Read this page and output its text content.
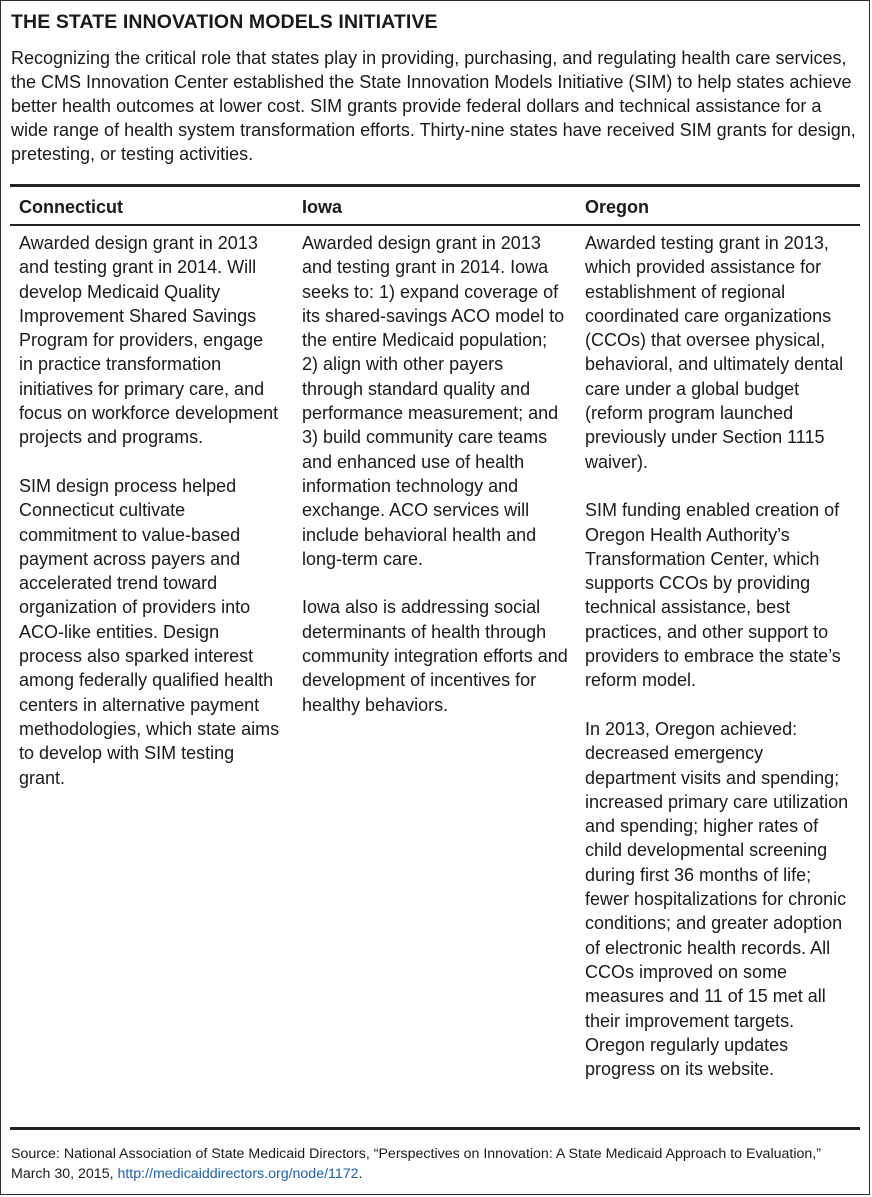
THE STATE INNOVATION MODELS INITIATIVE
Recognizing the critical role that states play in providing, purchasing, and regulating health care services, the CMS Innovation Center established the State Innovation Models Initiative (SIM) to help states achieve better health outcomes at lower cost. SIM grants provide federal dollars and technical assistance for a wide range of health system transformation efforts. Thirty-nine states have received SIM grants for design, pretesting, or testing activities.
Connecticut	Iowa	Oregon

Awarded design grant in 2013 and testing grant in 2014. Will develop Medicaid Quality Improvement Shared Savings Program for providers, engage in practice transformation initiatives for primary care, and focus on workforce development projects and programs.

SIM design process helped Connecticut cultivate commitment to value-based payment across payers and accelerated trend toward organization of providers into ACO-like entities. Design process also sparked interest among federally qualified health centers in alternative payment methodologies, which state aims to develop with SIM testing grant.

Awarded design grant in 2013 and testing grant in 2014. Iowa seeks to: 1) expand coverage of its shared-savings ACO model to the entire Medicaid population; 2) align with other payers through standard quality and performance measurement; and 3) build community care teams and enhanced use of health information technology and exchange. ACO services will include behavioral health and long-term care.

Iowa also is addressing social determinants of health through community integration efforts and development of incentives for healthy behaviors.

Awarded testing grant in 2013, which provided assistance for establishment of regional coordinated care organizations (CCOs) that oversee physical, behavioral, and ultimately dental care under a global budget (reform program launched previously under Section 1115 waiver).

SIM funding enabled creation of Oregon Health Authority’s Transformation Center, which supports CCOs by providing technical assistance, best practices, and other support to providers to embrace the state’s reform model.

In 2013, Oregon achieved: decreased emergency department visits and spending; increased primary care utilization and spending; higher rates of child developmental screening during first 36 months of life; fewer hospitalizations for chronic conditions; and greater adoption of electronic health records. All CCOs improved on some measures and 11 of 15 met all their improvement targets. Oregon regularly updates progress on its website.

Source: National Association of State Medicaid Directors, “Perspectives on Innovation: A State Medicaid Approach to Evaluation,” March 30, 2015, http://medicaiddirectors.org/node/1172.
